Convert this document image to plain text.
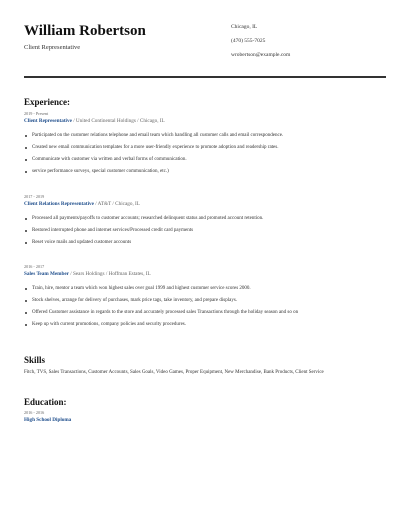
William Robertson
Client Representative
Chicago, IL
(470) 555-7025
wrobertson@example.com
Experience:
2019 - Present
Client Representative / United Continental Holdings / Chicago, IL
Participated on the customer relations telephone and email team which handling all customer calls and email correspondence.
Created new email communication templates for a more user-friendly experience to promote adoption and readership rates.
Communicate with customer via written and verbal forms of communication.
service performance surveys, special customer communication, etc.)
2017 - 2019
Client Relations Representative / AT&T / Chicago, IL
Processed all payments/payoffs to customer accounts; researched delinquent status and promoted account retention.
Restored interrupted phone and internet services/Processed credit card payments
Reset voice mails and updated customer accounts
2016 - 2017
Sales Team Member / Sears Holdings / Hoffman Estates, IL
Train, hire, mentor a team which won highest sales over goal 1999 and highest customer service scores 2000.
Stock shelves, arrange for delivery of purchases, mark price tags, take inventory, and prepare displays.
Offered Customer assistance in regards to the store and accurately processed sales Transactions through the holiday season and so on
Keep up with current promotions, company policies and security procedures.
Skills
Fitch, TVS, Sales Transactions, Customer Accounts, Sales Goals, Video Games, Proper Equipment, New Merchandise, Bank Products, Client Service
Education:
2016 - 2016
High School Diploma
